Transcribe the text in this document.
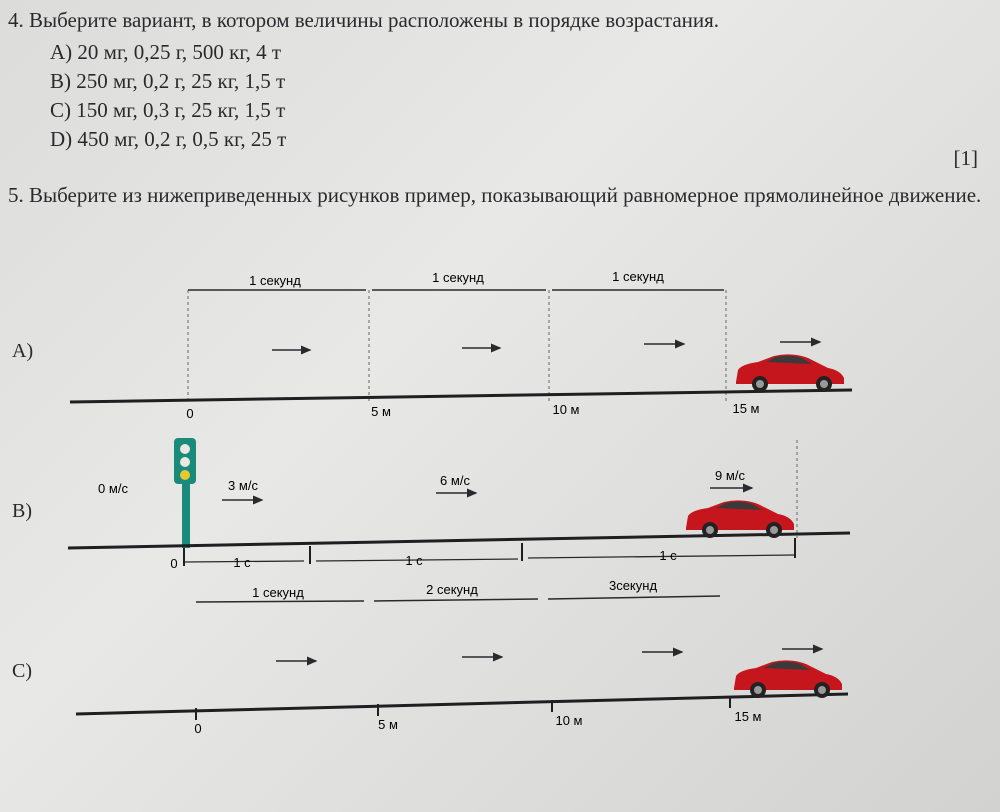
4. Выберите вариант, в котором величины расположены в порядке возрастания.
A) 20 мг, 0,25 г, 500 кг, 4 т
B) 250 мг, 0,2 г, 25 кг, 1,5 т
C) 150 мг, 0,3 г, 25 кг, 1,5 т
D) 450 мг, 0,2 г, 0,5 кг, 25 т
[1]
5. Выберите из нижеприведенных рисунков пример, показывающий равномерное прямолинейное движение.
A)
B)
C)
1 секунд	1 секунд	1 секунд
0	5 м	10 м	15 м
0 м/с	3 м/с	6 м/с	9 м/с
0	1 с	1 с	1 с
1 секунд	2 секунд	3секунд
0	5 м	10 м	15 м
